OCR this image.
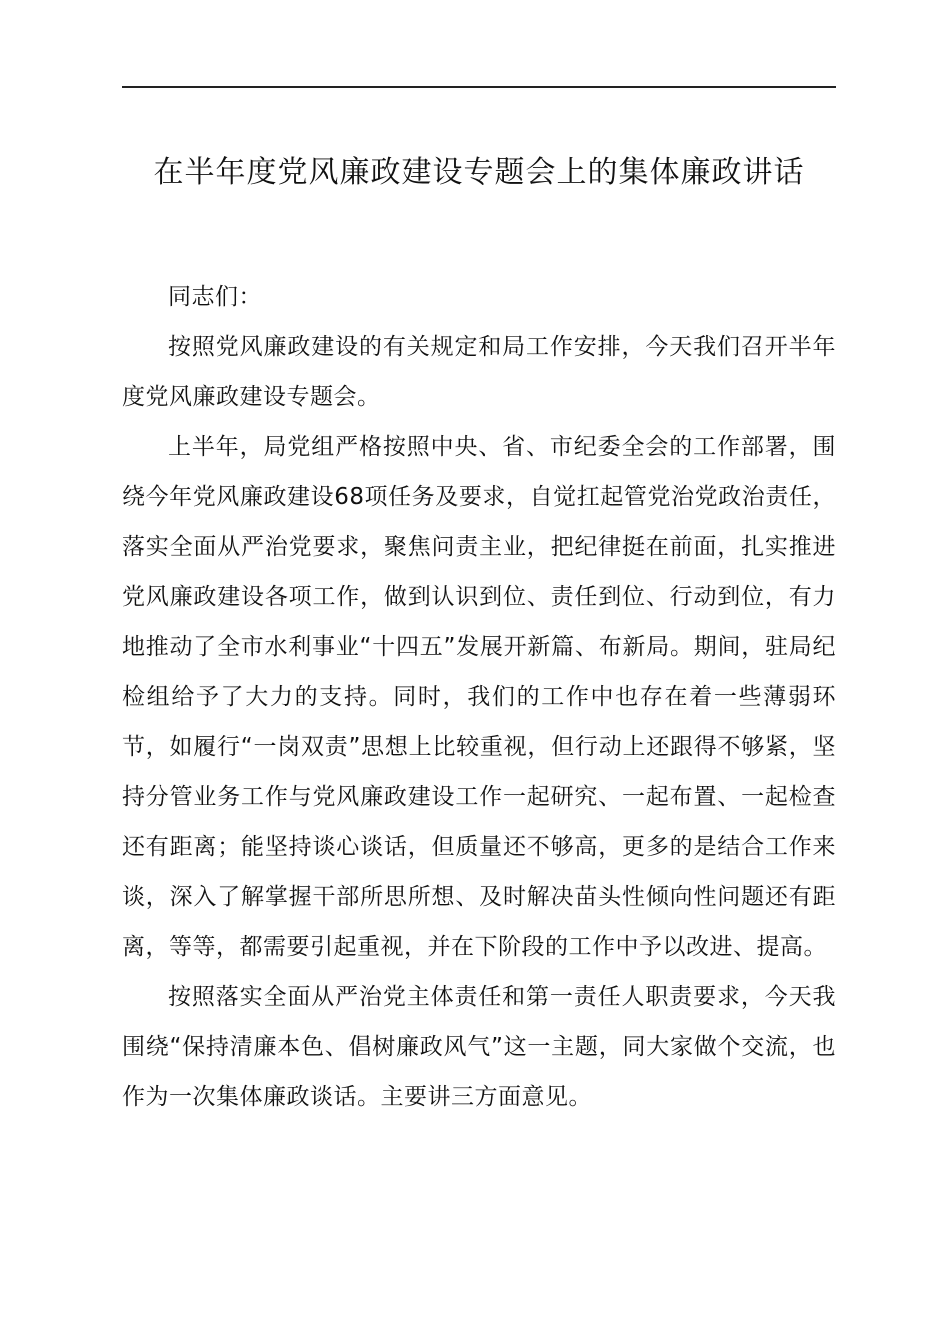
在半年度党风廉政建设专题会上的集体廉政讲话

同志们：

按照党风廉政建设的有关规定和局工作安排，今天我们召开半年度党风廉政建设专题会。

上半年，局党组严格按照中央、省、市纪委全会的工作部署，围绕今年党风廉政建设68项任务及要求，自觉扛起管党治党政治责任，落实全面从严治党要求，聚焦问责主业，把纪律挺在前面，扎实推进党风廉政建设各项工作，做到认识到位、责任到位、行动到位，有力地推动了全市水利事业“十四五”发展开新篇、布新局。期间，驻局纪检组给予了大力的支持。同时，我们的工作中也存在着一些薄弱环节，如履行“一岗双责”思想上比较重视，但行动上还跟得不够紧，坚持分管业务工作与党风廉政建设工作一起研究、一起布置、一起检查还有距离；能坚持谈心谈话，但质量还不够高，更多的是结合工作来谈，深入了解掌握干部所思所想、及时解决苗头性倾向性问题还有距离，等等，都需要引起重视，并在下阶段的工作中予以改进、提高。

按照落实全面从严治党主体责任和第一责任人职责要求，今天我围绕“保持清廉本色、倡树廉政风气”这一主题，同大家做个交流，也作为一次集体廉政谈话。主要讲三方面意见。
